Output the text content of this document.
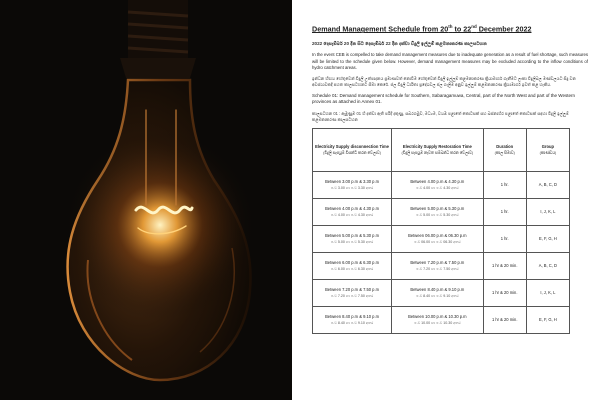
Demand Management Schedule from 20th to 22nd December 2022
2022 දෙසැම්බර් 20 දින සිට දෙසැම්බර් 22 දින දක්වා විදුලි ඉල්ලුම් කළමනාකරණ කාලසටහන

In the event CEB is compelled to take demand management measures due to inadequate generation as a result of fuel shortage, such measures will be limited to the schedule given below. However, demand management measures may be excluded according to the inflow conditions of hydro catchment areas.

ඉන්ධන හිඟය හේතුවෙන් විදුලි උත්පාදනය ප්‍රමාණවත් නොවීම හේතුවෙන් විදුලි ඉල්ලුම් කළමනාකරණ ක්‍රියාමාර්ග ගැනීමට ලංකා විදුලිබල මණ්ඩලයට සිදු වන අවස්ථාවකදී පහත කාලසටහනට සීමා කෙරේ. ජල විදුලි ධාරිතා ප්‍රදේශවල ජල ගැලීම අනුව ඉල්ලුම් කළමනාකරණ ක්‍රියාමාර්ග ඉවත් කළ හැකිය.

Schedule 01: Demand management schedule for Southern, Sabaragamuwa, Central, part of the North West and part of the Western provinces as attached in Annex 01.

කාලසටහන 01 : ඇමුණුම 01 හි දක්වා ඇති පරිදි දකුණු, සබරගමුව, මධ්‍යම, වයඹ පළාතේ කොටසක් සහ බස්නාහිර පළාතේ කොටසක් සඳහා විදුලි ඉල්ලුම් කළමනාකරණ කාලසටහන

Electricity Supply disconnection Time
(විදුලි සැපයුම් විසන්ධි කරන වේලාව)	Electricity Supply Restoration Time
(විදුලි සැපයුම නැවත සම්බන්ධ කරන වේලාව)	Duration
(කාල සීමාව)	Group
(කාණ්ඩය)

Between 3.00 p.m & 3.30 p.m
ප.ව 3.00 හා ප.ව 3.30 අතර	Between 4.00 p.m & 4.30 p.m
ප.ව 4.00 හා ප.ව 4.30 අතර	1 hr.	A, B, C, D

Between 4.00 p.m & 4.30 p.m
ප.ව 4.00 හා ප.ව 4.30 අතර	Between 5.00 p.m & 5.30 p.m
ප.ව 5.00 හා ප.ව 5.30 අතර	1 hr.	I, J, K, L

Between 5.00 p.m & 5.30 p.m
ප.ව 5.00 හා ප.ව 5.30 අතර	Between 06.00 p.m & 06.30 p.m
ප.ව 06.00 හා ප.ව 06.30 අතර	1 hr.	E, F, G, H

Between 6.00 p.m & 6.30 p.m
ප.ව 6.00 හා ප.ව 6.30 අතර	Between 7.20 p.m & 7.50 p.m
ප.ව 7.20 හා ප.ව 7.50 අතර	1 hr & 20 min.	A, B, C, D

Between 7.20 p.m & 7.50 p.m
ප.ව 7.20 හා ප.ව 7.50 අතර	Between 8.40 p.m & 9.10 p.m
ප.ව 8.40 හා ප.ව 9.10 අතර	1 hr & 20 min.	I, J, K, L

Between 8.40 p.m & 9.10 p.m
ප.ව 8.40 හා ප.ව 9.10 අතර	Between 10.00 p.m & 10.30 p.m
ප.ව 10.00 හා ප.ව 10.30 අතර	1 hr & 20 min.	E, F, G, H
